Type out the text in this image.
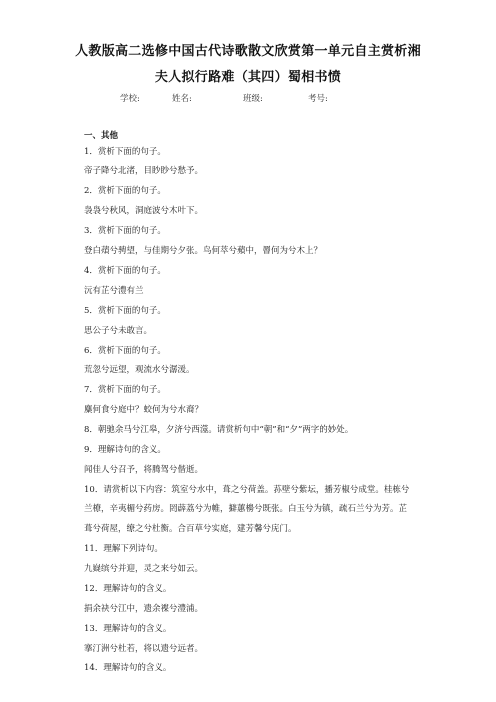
人教版高二选修中国古代诗歌散文欣赏第一单元自主赏析湘
夫人拟行路难（其四）蜀相书愤
学校:	姓名:	班级:	考号:
一、其他
1．赏析下面的句子。
帝子降兮北渚，目眇眇兮愁予。
2．赏析下面的句子。
袅袅兮秋风，洞庭波兮木叶下。
3．赏析下面的句子。
登白薠兮骋望，与佳期兮夕张。鸟何萃兮蘋中，罾何为兮木上？
4．赏析下面的句子。
沅有芷兮澧有兰
5．赏析下面的句子。
思公子兮未敢言。
6．赏析下面的句子。
荒忽兮远望，观流水兮潺湲。
7．赏析下面的句子。
麋何食兮庭中？蛟何为兮水裔？
8．朝驰余马兮江皋，夕济兮西澨。请赏析句中“朝”和“夕”两字的妙处。
9．理解诗句的含义。
闻佳人兮召予，将腾驾兮偕逝。
10．请赏析以下内容：筑室兮水中，葺之兮荷盖。荪壁兮紫坛，播芳椒兮成堂。桂栋兮
兰橑，辛夷楣兮药房。罔薜荔兮为帷，擗蕙櫋兮既张。白玉兮为镇，疏石兰兮为芳。芷
葺兮荷屋，缭之兮杜衡。合百草兮实庭，建芳馨兮庑门。
11．理解下列诗句。
九嶷缤兮并迎，灵之来兮如云。
12．理解诗句的含义。
捐余袂兮江中，遗余褋兮澧浦。
13．理解诗句的含义。
搴汀洲兮杜若，将以遗兮远者。
14．理解诗句的含义。
